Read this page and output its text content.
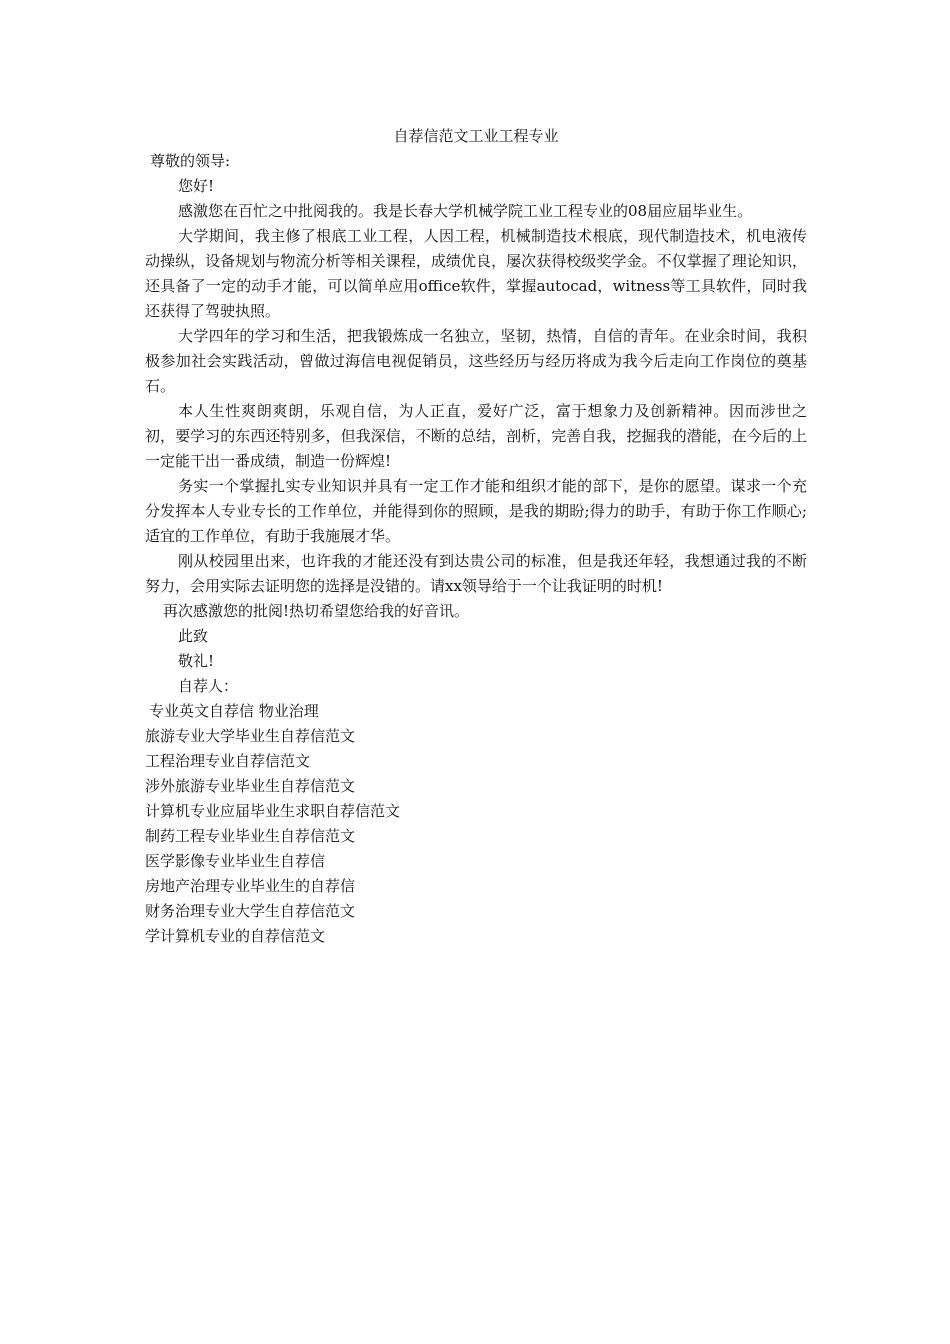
自荐信范文工业工程专业

尊敬的领导:

您好!

感激您在百忙之中批阅我的。我是长春大学机械学院工业工程专业的08届应届毕业生。

大学期间，我主修了根底工业工程，人因工程，机械制造技术根底，现代制造技术，机电液传动操纵，设备规划与物流分析等相关课程，成绩优良，屡次获得校级奖学金。不仅掌握了理论知识，还具备了一定的动手才能，可以简单应用office软件，掌握autocad，witness等工具软件，同时我还获得了驾驶执照。

大学四年的学习和生活，把我锻炼成一名独立，坚韧，热情，自信的青年。在业余时间，我积极参加社会实践活动，曾做过海信电视促销员，这些经历与经历将成为我今后走向工作岗位的奠基石。

本人生性爽朗爽朗，乐观自信，为人正直，爱好广泛，富于想象力及创新精神。因而涉世之初，要学习的东西还特别多，但我深信，不断的总结，剖析，完善自我，挖掘我的潜能，在今后的上一定能干出一番成绩，制造一份辉煌!

务实一个掌握扎实专业知识并具有一定工作才能和组织才能的部下，是你的愿望。谋求一个充分发挥本人专业专长的工作单位，并能得到你的照顾，是我的期盼;得力的助手，有助于你工作顺心;适宜的工作单位，有助于我施展才华。

刚从校园里出来，也许我的才能还没有到达贵公司的标准，但是我还年轻，我想通过我的不断努力，会用实际去证明您的选择是没错的。请xx领导给于一个让我证明的时机!

再次感激您的批阅!热切希望您给我的好音讯。

此致

敬礼!

自荐人：

专业英文自荐信 物业治理
旅游专业大学毕业生自荐信范文
工程治理专业自荐信范文
涉外旅游专业毕业生自荐信范文
计算机专业应届毕业生求职自荐信范文
制药工程专业毕业生自荐信范文
医学影像专业毕业生自荐信
房地产治理专业毕业生的自荐信
财务治理专业大学生自荐信范文
学计算机专业的自荐信范文
